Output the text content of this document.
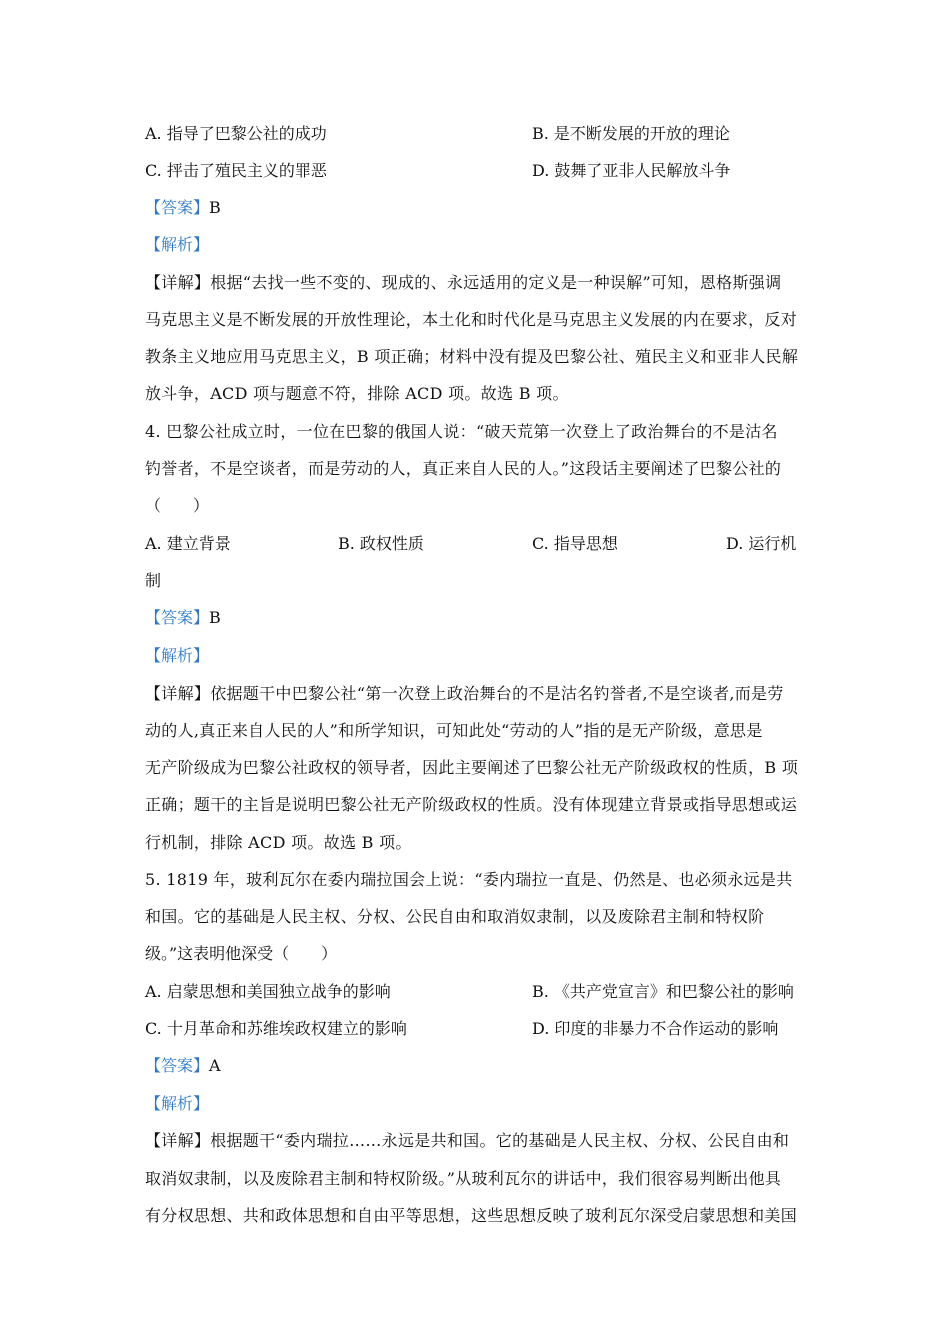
A. 指导了巴黎公社的成功	B. 是不断发展的开放的理论
C. 抨击了殖民主义的罪恶	D. 鼓舞了亚非人民解放斗争
【答案】B
【解析】
【详解】根据“去找一些不变的、现成的、永远适用的定义是一种误解”可知，恩格斯强调
马克思主义是不断发展的开放性理论，本土化和时代化是马克思主义发展的内在要求，反对
教条主义地应用马克思主义，B 项正确；材料中没有提及巴黎公社、殖民主义和亚非人民解
放斗争，ACD 项与题意不符，排除 ACD 项。故选 B 项。
4. 巴黎公社成立时，一位在巴黎的俄国人说：“破天荒第一次登上了政治舞台的不是沽名
钓誉者，不是空谈者，而是劳动的人，真正来自人民的人。”这段话主要阐述了巴黎公社的
（　　）
A. 建立背景	B. 政权性质	C. 指导思想	D. 运行机
制
【答案】B
【解析】
【详解】依据题干中巴黎公社“第一次登上政治舞台的不是沽名钓誉者,不是空谈者,而是劳
动的人,真正来自人民的人”和所学知识，可知此处“劳动的人”指的是无产阶级，意思是
无产阶级成为巴黎公社政权的领导者，因此主要阐述了巴黎公社无产阶级政权的性质，B 项
正确；题干的主旨是说明巴黎公社无产阶级政权的性质。没有体现建立背景或指导思想或运
行机制，排除 ACD 项。故选 B 项。
5. 1819 年，玻利瓦尔在委内瑞拉国会上说：“委内瑞拉一直是、仍然是、也必须永远是共
和国。它的基础是人民主权、分权、公民自由和取消奴隶制，以及废除君主制和特权阶
级。”这表明他深受（　　）
A. 启蒙思想和美国独立战争的影响	B. 《共产党宣言》和巴黎公社的影响
C. 十月革命和苏维埃政权建立的影响	D. 印度的非暴力不合作运动的影响
【答案】A
【解析】
【详解】根据题干“委内瑞拉……永远是共和国。它的基础是人民主权、分权、公民自由和
取消奴隶制，以及废除君主制和特权阶级。”从玻利瓦尔的讲话中，我们很容易判断出他具
有分权思想、共和政体思想和自由平等思想，这些思想反映了玻利瓦尔深受启蒙思想和美国
